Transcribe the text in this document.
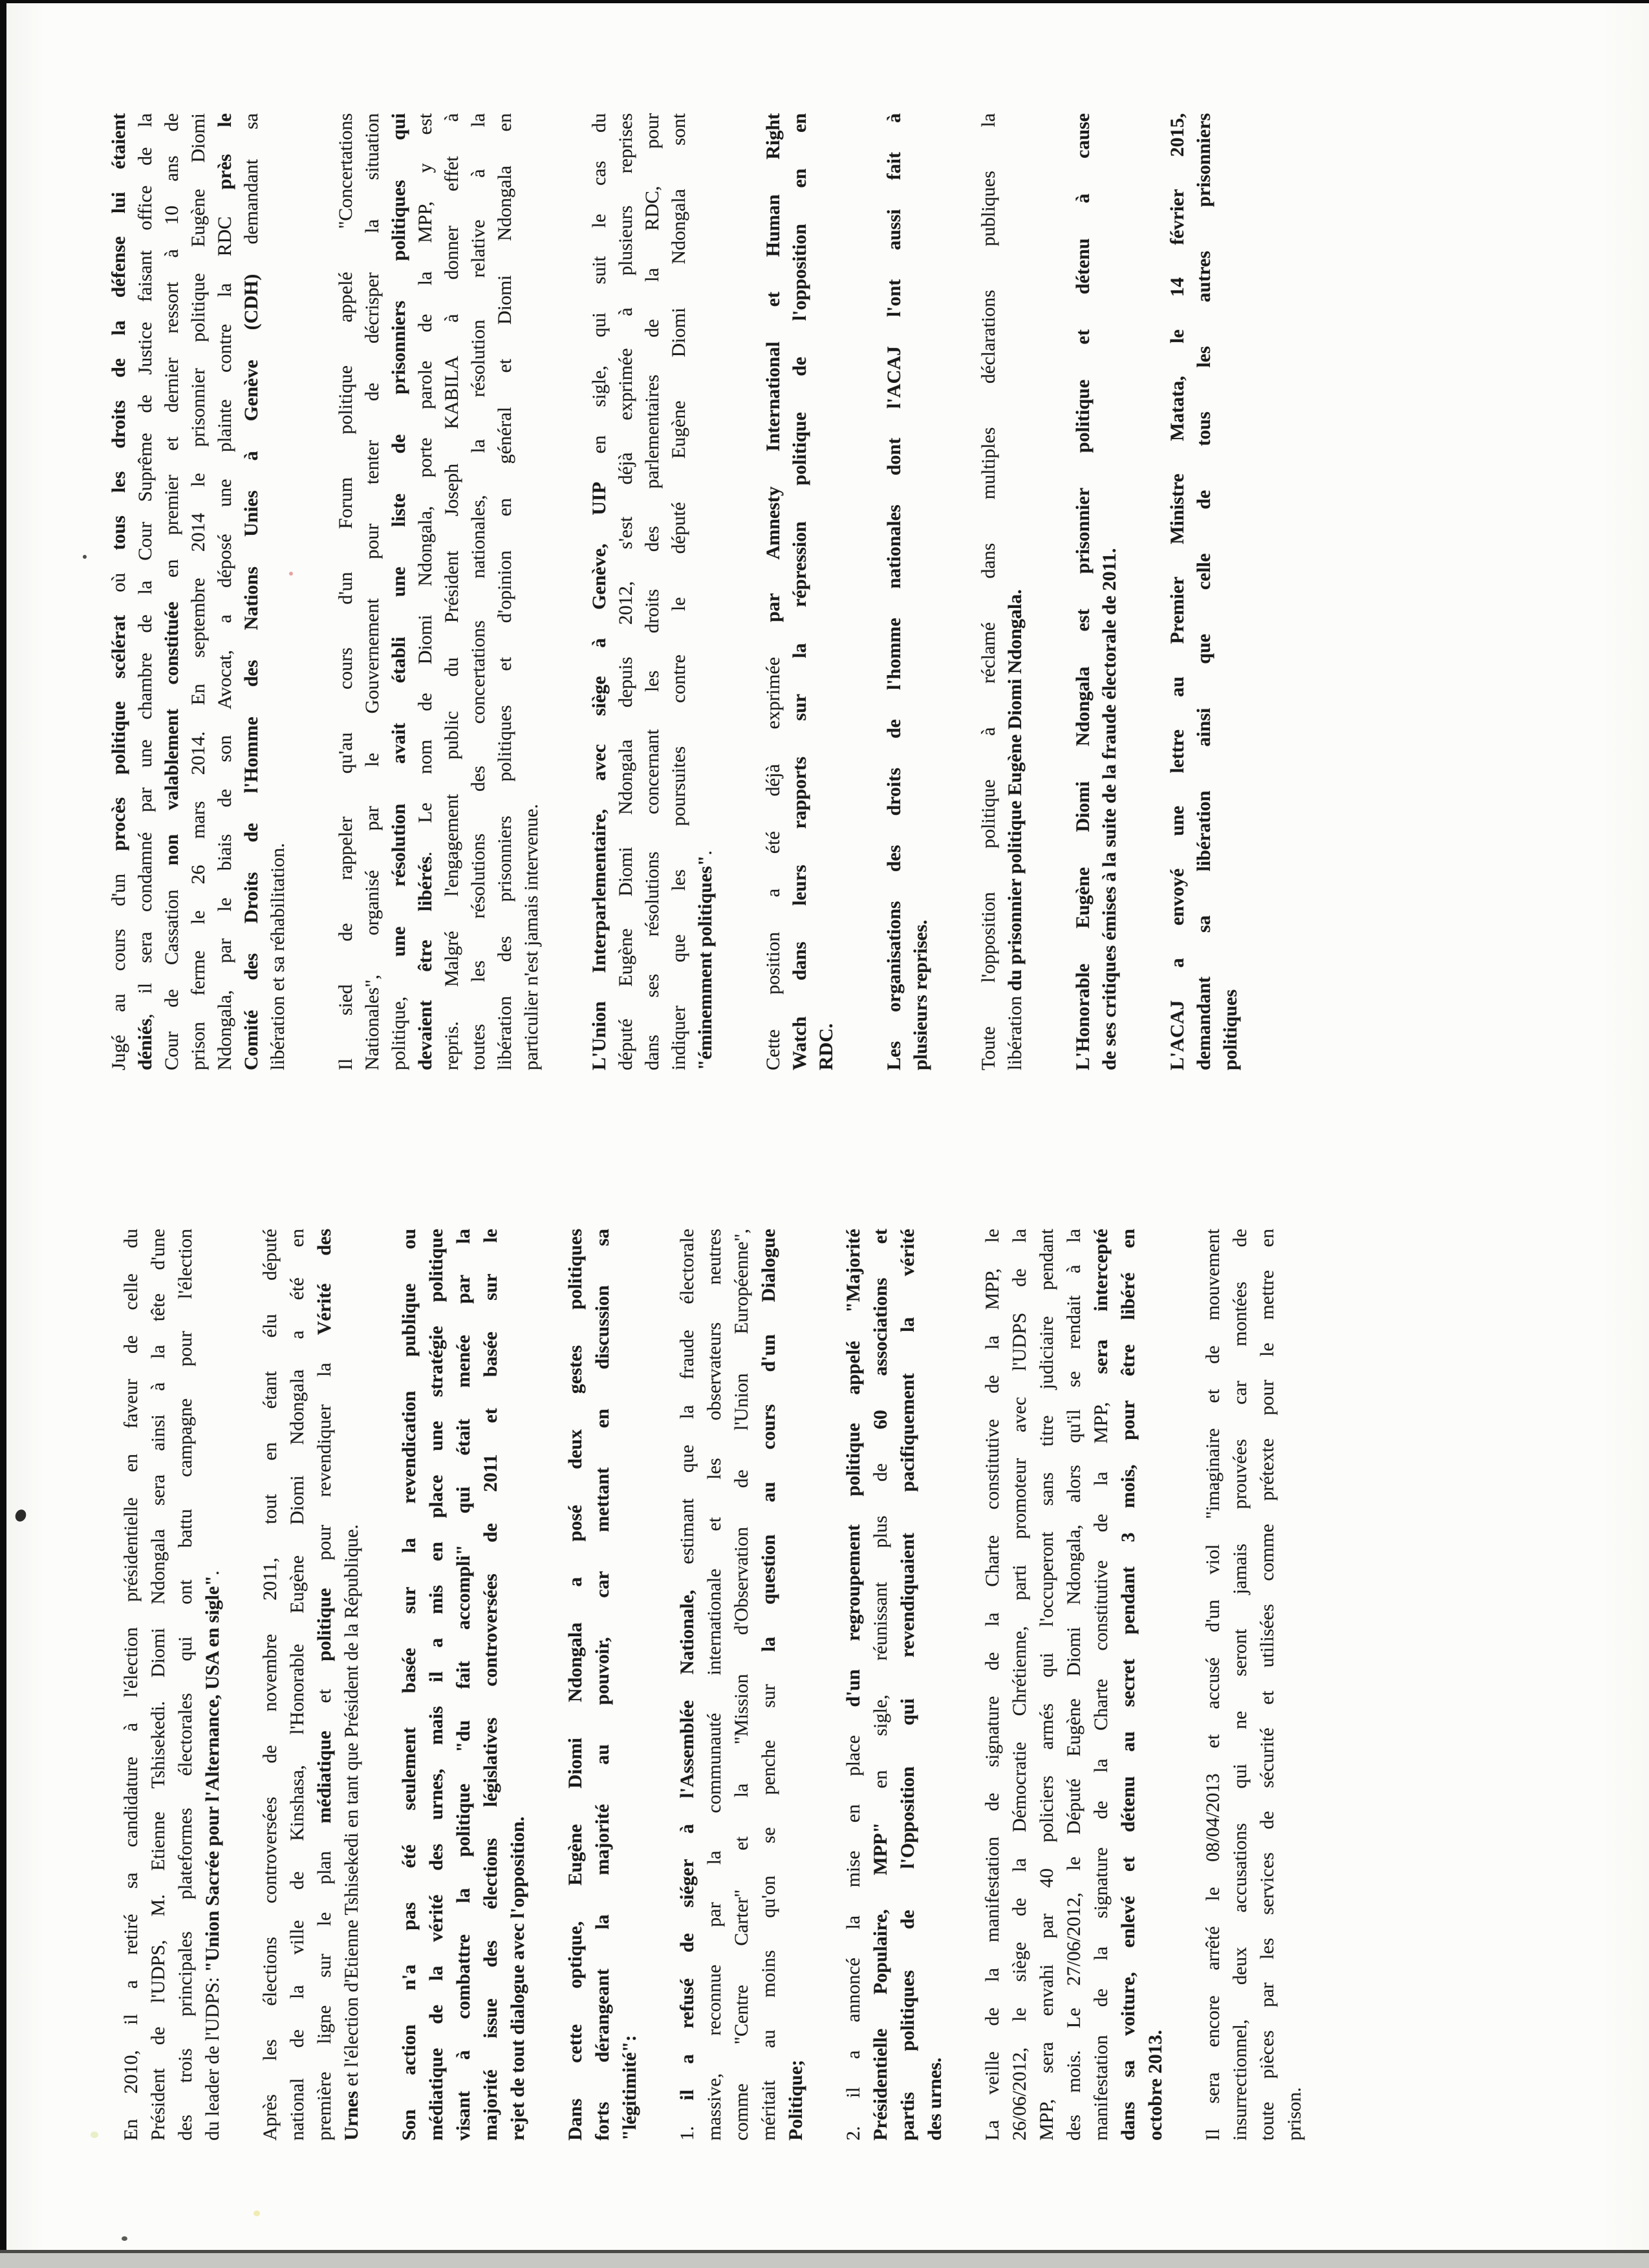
En 2010, il a retiré sa candidature à l'élection présidentielle en faveur de celle du Président de l'UDPS, M. Etienne Tshisekedi. Diomi Ndongala sera ainsi à la tête d'une des trois principales plateformes électorales qui ont battu campagne pour l'élection du leader de l'UDPS: "Union Sacrée pour l'Alternance, USA en sigle". Après les élections controversées de novembre 2011, tout en étant élu député national de la ville de Kinshasa, l'Honorable Eugène Diomi Ndongala a été en première ligne sur le plan médiatique et politique pour revendiquer la Vérité des
Urnes et l'élection d'Etienne Tshisekedi en tant que Président de la République. Son action n'a pas été seulement basée sur la revendication publique ou médiatique de la vérité des urnes, mais il a mis en place une stratégie politique visant à combattre la politique "du fait accompli" qui était menée par la majorité issue des élections législatives controversées de 2011 et basée sur le rejet de tout dialogue avec l'opposition. Dans cette optique, Eugène Diomi Ndongala a posé deux gestes politiques forts dérangeant la majorité au pouvoir, car mettant en discussion sa "légitimité": 1. il a refusé de siéger à l'Assemblée Nationale, estimant que la fraude électorale massive, reconnue par la communauté internationale et les observateurs neutres comme "Centre Carter" et la "Mission d'Observation de l'Union Européenne", méritait au moins qu'on se penche sur la question au cours d'un Dialogue
Politique; 2. il a annoncé la mise en place d'un regroupement politique appelé "Majorité
Présidentielle Populaire, MPP" en sigle, réunissant plus de 60 associations et partis politiques de l'Opposition qui revendiquaient pacifiquement la vérité des urnes. La veille de la manifestation de signature de la Charte constitutive de la MPP, le 26/06/2012, le siège de la Démocratie Chrétienne, parti promoteur avec l'UDPS de la MPP, sera envahi par 40 policiers armés qui l'occuperont sans titre judiciaire pendant des mois. Le 27/06/2012, le Député Eugène Diomi Ndongala, alors qu'il se rendait à la manifestation de la signature de la Charte constitutive de la MPP, sera intercepté dans sa voiture, enlevé et détenu au secret pendant 3 mois, pour être libéré en octobre 2013. Il sera encore arrêté le 08/04/2013 et accusé d'un viol "imaginaire et de mouvement insurrectionnel, deux accusations qui ne seront jamais prouvées car montées de toute pièces par les services de sécurité et utilisées comme prétexte pour le mettre en prison.
Jugé au cours d'un procès politique scélérat où tous les droits de la défense lui étaient
déniés, il sera condamné par une chambre de la Cour Suprême de Justice faisant office de la Cour de Cassation non valablement constituée en premier et dernier ressort à 10 ans de prison ferme le 26 mars 2014. En septembre 2014 le prisonnier politique Eugène Diomi Ndongala, par le biais de son Avocat, a déposé une plainte contre la RDC près le
Comité des Droits de l'Homme des Nations Unies à Genève (CDH) demandant sa
libération et sa réhabilitation. Il sied de rappeler qu'au cours d'un Forum politique appelé "Concertations Nationales", organisé par le Gouvernement pour tenter de décrisper la situation politique, une résolution avait établi une liste de prisonniers politiques qui
devaient être libérés. Le nom de Diomi Ndongala, porte parole de la MPP, y est repris. Malgré l'engagement public du Président Joseph KABILA à donner effet à toutes les résolutions des concertations nationales, la résolution relative à la libération des prisonniers politiques et d'opinion en général et Diomi Ndongala en particulier n'est jamais intervenue. L'Union Interparlementaire, avec siège à Genève, UIP en sigle, qui suit le cas du député Eugène Diomi Ndongala depuis 2012, s'est déjà exprimée à plusieurs reprises dans ses résolutions concernant les droits des parlementaires de la RDC, pour indiquer que les poursuites contre le député Eugène Diomi Ndongala sont "éminemment politiques". Cette position a été déjà exprimée par Amnesty International et Human Right Watch dans leurs rapports sur la répression politique de l'opposition en en RDC. Les organisations des droits de l'homme nationales dont l'ACAJ l'ont aussi fait à plusieurs reprises. Toute l'opposition politique à réclamé dans multiples déclarations publiques la libération du prisonnier politique Eugène Diomi Ndongala. L'Honorable Eugène Diomi Ndongala est prisonnier politique et détenu à cause de ses critiques émises à la suite de la fraude électorale de 2011. L'ACAJ a envoyé une lettre au Premier Ministre Matata, le 14 février 2015, demandant sa libération ainsi que celle de tous les autres prisonniers politiques
